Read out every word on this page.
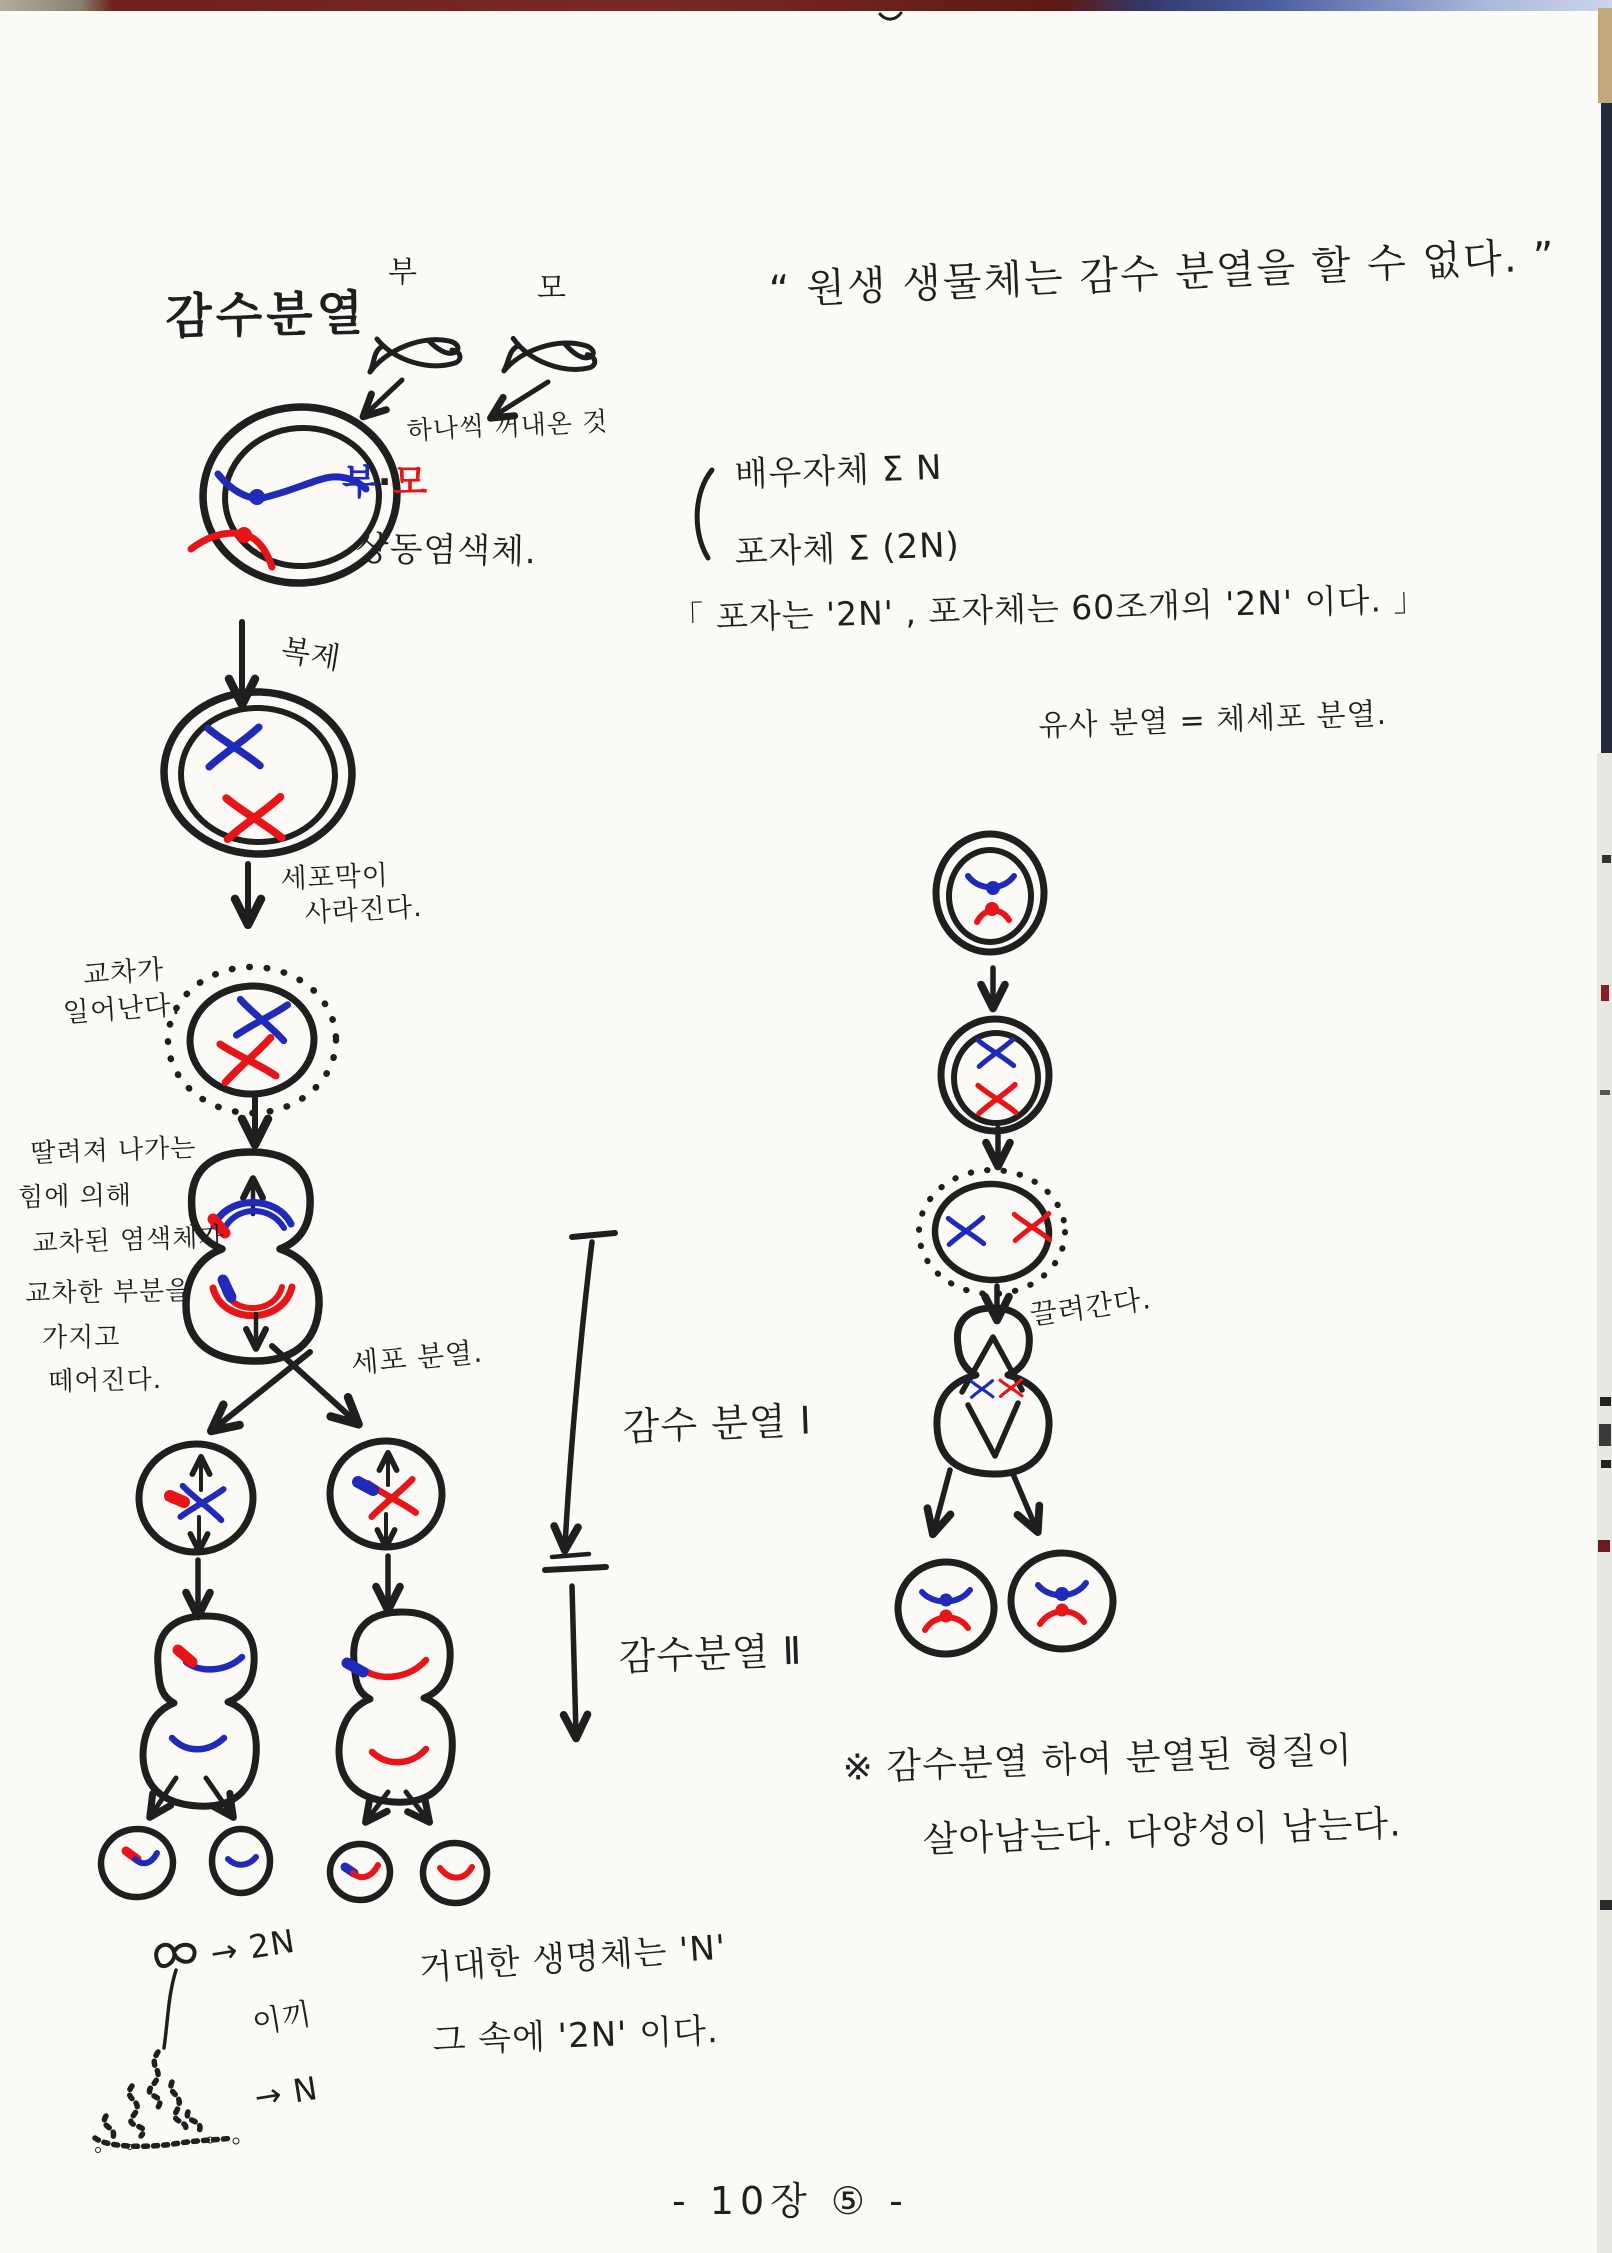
감수분열
부	모
하나씩 꺼내온 것
부·모
상동염색체.
복제
세포막이
사라진다.
교차가
일어난다.
딸려져 나가는
힘에 의해
교차된 염색체가
교차한 부분을
가지고
떼어진다.
세포 분열.
감수 분열 Ⅰ
감수분열 Ⅱ
“ 원생 생물체는 감수 분열을 할 수 없다. ”
배우자체 Σ N
포자체 Σ (2N)
「 포자는 '2N' , 포자체는 60조개의 '2N' 이다. 」
유사 분열 = 체세포 분열.
끌려간다.
※ 감수분열 하여 분열된 형질이
살아남는다. 다양성이 남는다.
→ 2N
이끼
→ N
거대한 생명체는 'N'
그 속에 '2N' 이다.
- 10장 ⑤ -
